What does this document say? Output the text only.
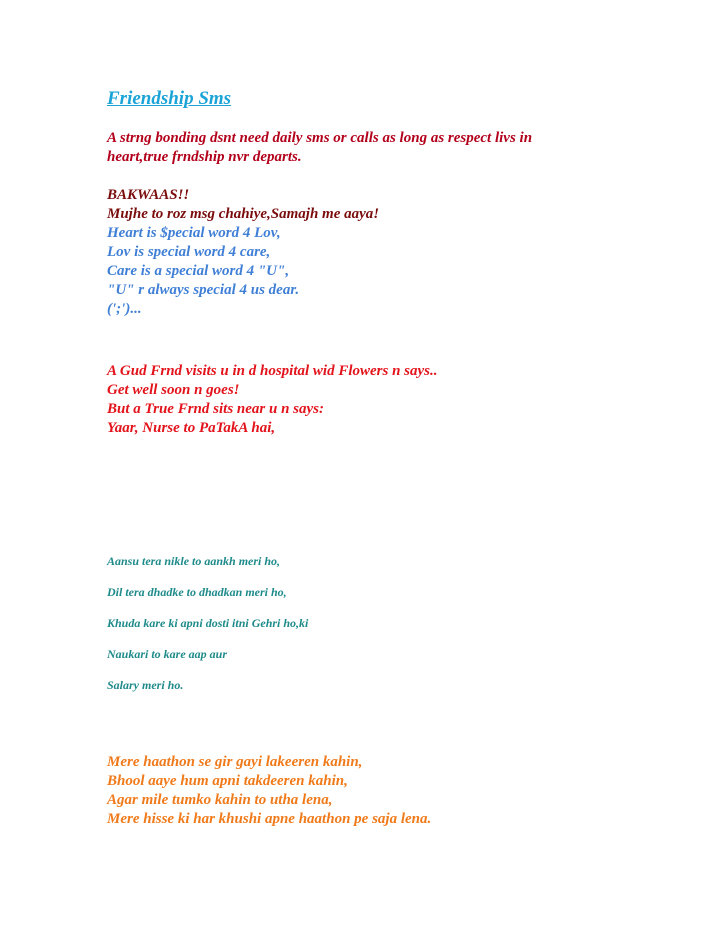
Friendship Sms
A strng bonding dsnt need daily sms or calls as long as respect livs in
heart,true frndship nvr departs.
BAKWAAS!!
Mujhe to roz msg chahiye,Samajh me aaya!
Heart is $pecial word 4 Lov,
Lov is special word 4 care,
Care is a special word 4 "U",
"U" r always special 4 us dear.
(';')...
A Gud Frnd visits u in d hospital wid Flowers n says..
Get well soon n goes!
But a True Frnd sits near u n says:
Yaar, Nurse to PaTakA hai,
Aansu tera nikle to aankh meri ho,
Dil tera dhadke to dhadkan meri ho,
Khuda kare ki apni dosti itni Gehri ho,ki
Naukari to kare aap aur
Salary meri ho.
Mere haathon se gir gayi lakeeren kahin,
Bhool aaye hum apni takdeeren kahin,
Agar mile tumko kahin to utha lena,
Mere hisse ki har khushi apne haathon pe saja lena.
